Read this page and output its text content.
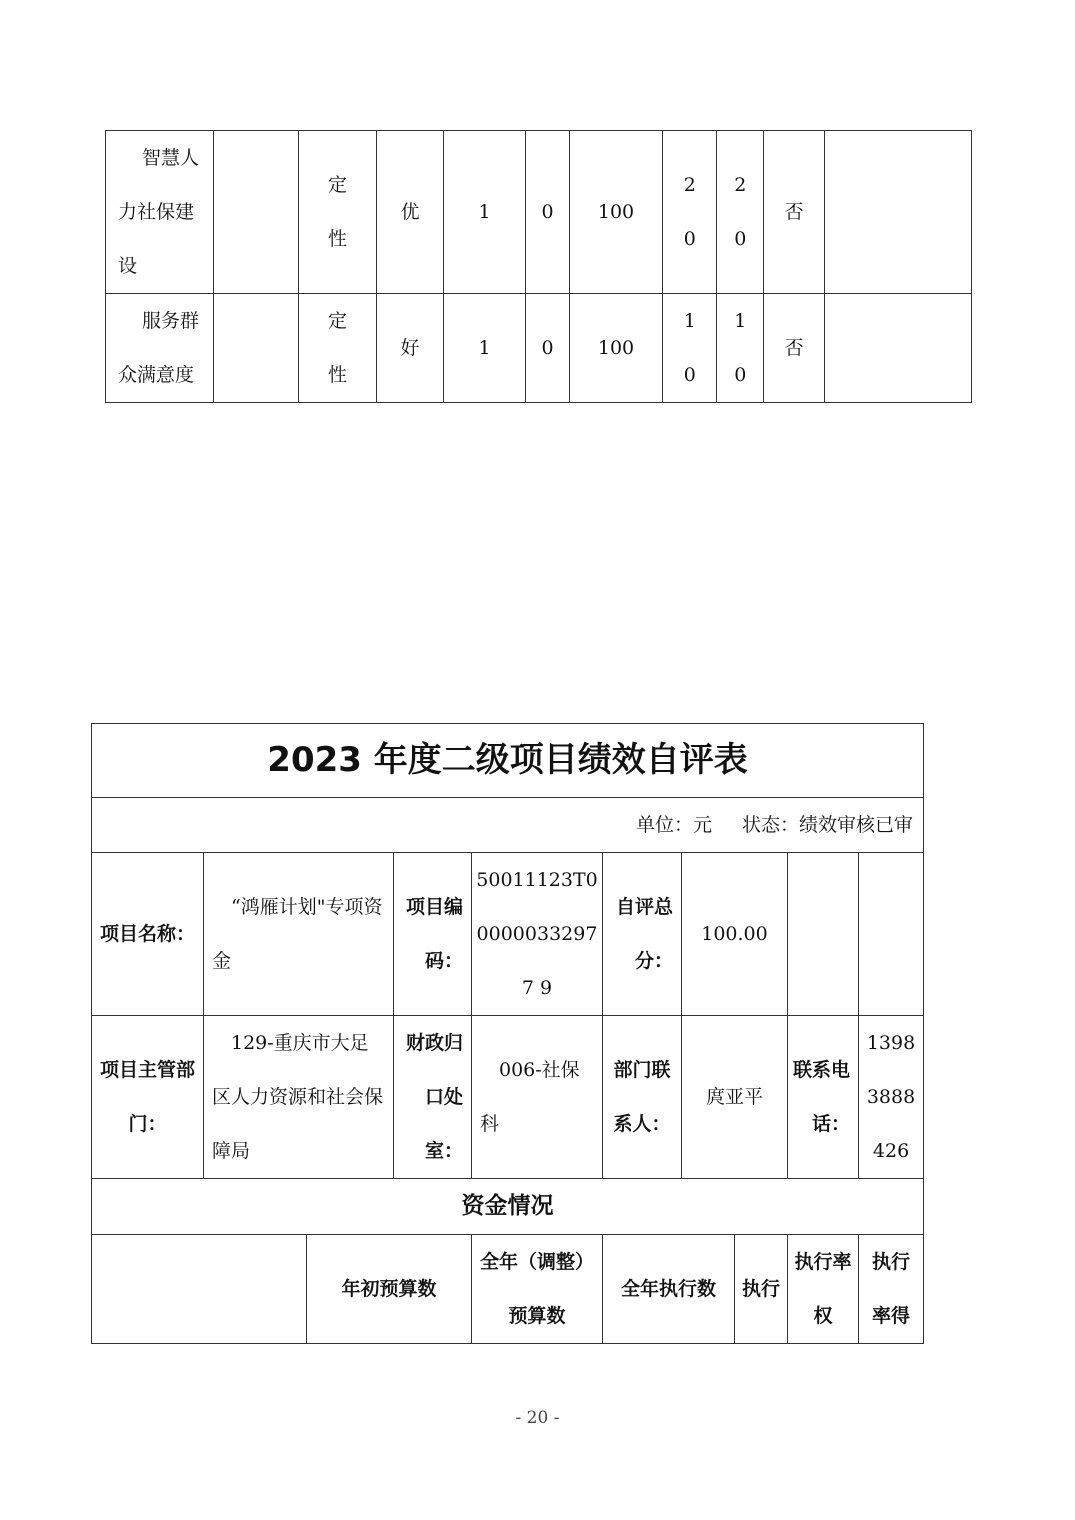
智慧人力社保建设		定性	优	1	0	100	20	20	否	
服务群众满意度		定性	好	1	0	100	10	10	否	
2023 年度二级项目绩效自评表									
单位：元 状态：绩效审核已审									
项目名称：	“鸿雁计划"专项资金		项目编码：	50011123T000000332977 9	自评总分：	100.00			
项目主管部门：	129-重庆市大足区人力资源和社会保障局		财政归口处室：	006-社保科	部门联系人：	庹亚平		联系电话：	13983888426
资金情况									
		年初预算数		全年（调整）预算数	全年执行数		执行	执行率权	执行率得
- 20 -
